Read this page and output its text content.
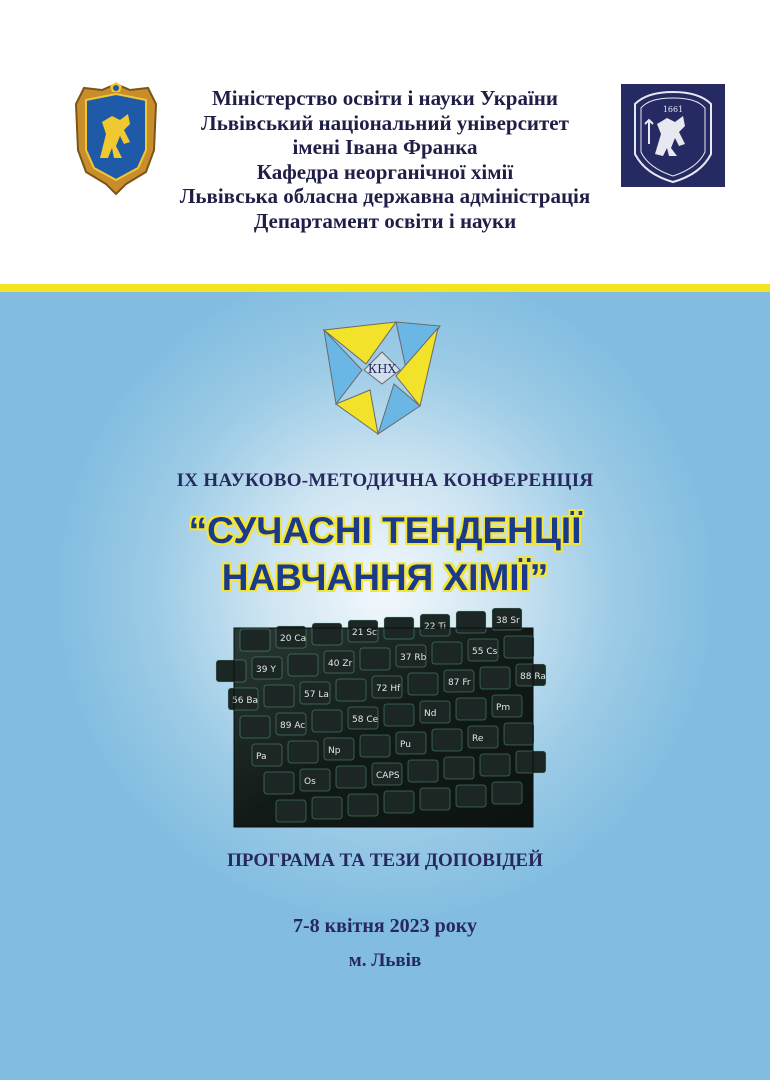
Міністерство освіти і науки України
Львівський національний університет
імені Івана Франка
Кафедра неорганічної хімії
Львівська обласна державна адміністрація
Департамент освіти і науки
1661
КНХ
IX НАУКОВО-МЕТОДИЧНА КОНФЕРЕНЦІЯ
“СУЧАСНІ ТЕНДЕНЦІЇ
НАВЧАННЯ ХІМІЇ”
20 Ca
21 Sc
22 Ti
38 Sr
39 Y
40 Zr
37 Rb
55 Cs
56 Ba
57 La
72 Hf
87 Fr
88 Ra
89 Ac
58 Ce
Nd
Pm
Pa
Np
Pu
Re
Os
CAPS
ПРОГРАМА ТА ТЕЗИ ДОПОВІДЕЙ
7-8 квітня 2023 року
м. Львів
